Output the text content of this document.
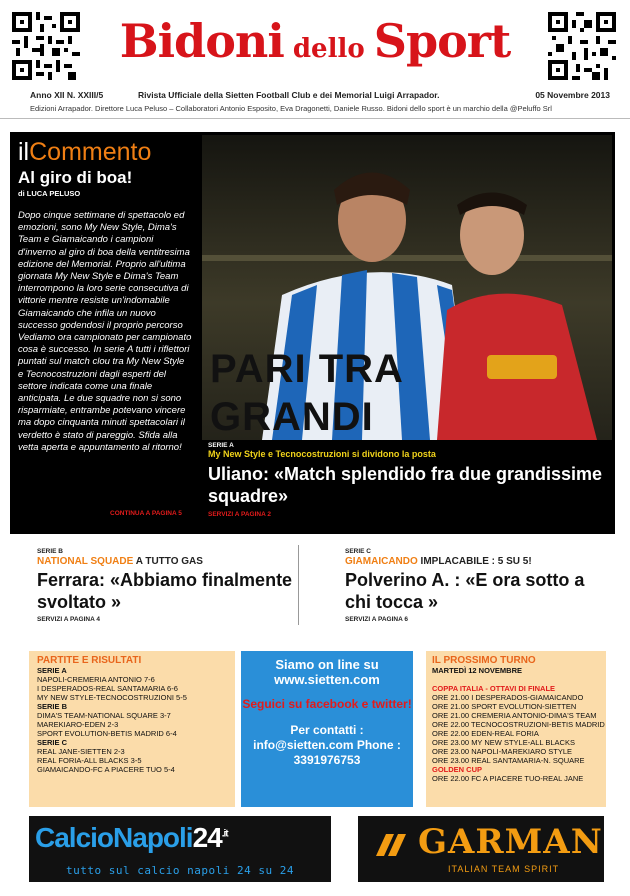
Bidoni dello Sport
Anno XII N. XXIII/5	Rivista Ufficiale della Sietten Football Club e dei Memorial Luigi Arrapador.	05 Novembre 2013
Edizioni Arrapador. Direttore Luca Peluso – Collaboratori Antonio Esposito, Eva Dragonetti, Daniele Russo. Bidoni dello sport è un marchio della @Peluffo Srl
ilCommento
Al giro di boa!
di LUCA PELUSO
Dopo cinque settimane di spettacolo ed emozioni, sono My New Style, Dima's Team e Giamaicando i campioni d'inverno al giro di boa della ventitresima edizione del Memorial. Proprio all'ultima giornata My New Style e Dima's Team interrompono la loro serie consecutiva di vittorie mentre resiste un'indomabile Giamaicando che infila un nuovo successo godendosi il proprio percorso Vediamo ora campionato per campionato cosa è successo. In serie A tutti i riflettori puntati sul match clou tra My New Style e Tecnocostruzioni dagli esperti del settore indicata come una finale anticipata. Le due squadre non si sono risparmiate, entrambe potevano vincere ma dopo cinquanta minuti spettacolari il verdetto è stato di pareggio. Sfida alla vetta aperta e appuntamento al ritorno!
CONTINUA A PAGINA 5
PARI TRA
GRANDI
SERIE A
My New Style e Tecnocostruzioni si dividono la posta
Uliano: «Match splendido fra due grandissime squadre»
SERVIZI A PAGINA 2
SERIE B
NATIONAL SQUADE A TUTTO GAS
Ferrara: «Abbiamo finalmente svoltato »
SERVIZI A PAGINA 4
SERIE C
GIAMAICANDO IMPLACABILE : 5 SU 5!
Polverino A. : «E ora sotto a chi tocca »
SERVIZI A PAGINA 6
PARTITE E RISULTATI
SERIE A
NAPOLI-CREMERIA ANTONIO 7-6
I DESPERADOS-REAL SANTAMARIA 6-6
MY NEW STYLE-TECNOCOSTRUZIONI 5-5
SERIE B
DIMA'S TEAM-NATIONAL SQUARE 3-7
MAREKIARO-EDEN 2-3
SPORT EVOLUTION-BETIS MADRID 6-4
SERIE C
REAL JANE-SIETTEN 2-3
REAL FORIA-ALL BLACKS 3-5
GIAMAICANDO-FC A PIACERE TUO 5-4
Siamo on line su www.sietten.com
Seguici su facebook e twitter!
Per contatti : info@sietten.com Phone : 3391976753
IL PROSSIMO TURNO
MARTEDÌ 12 NOVEMBRE
COPPA ITALIA - OTTAVI DI FINALE
ORE 21.00 I DESPERADOS-GIAMAICANDO
ORE 21.00 SPORT EVOLUTION-SIETTEN
ORE 21.00 CREMERIA ANTONIO-DIMA'S TEAM
ORE 22.00 TECNOCOSTRUZIONI-BETIS MADRID
ORE 22.00 EDEN-REAL FORIA
ORE 23.00 MY NEW STYLE-ALL BLACKS
ORE 23.00 NAPOLI-MAREKIARO STYLE
ORE 23.00 REAL SANTAMARIA-N. SQUARE
GOLDEN CUP
ORE 22.00 FC A PIACERE TUO-REAL JANE
$CalcioNapoli24^{.it}$
tutto sul calcio napoli 24 su 24
GARMAN
ITALIAN TEAM SPIRIT
